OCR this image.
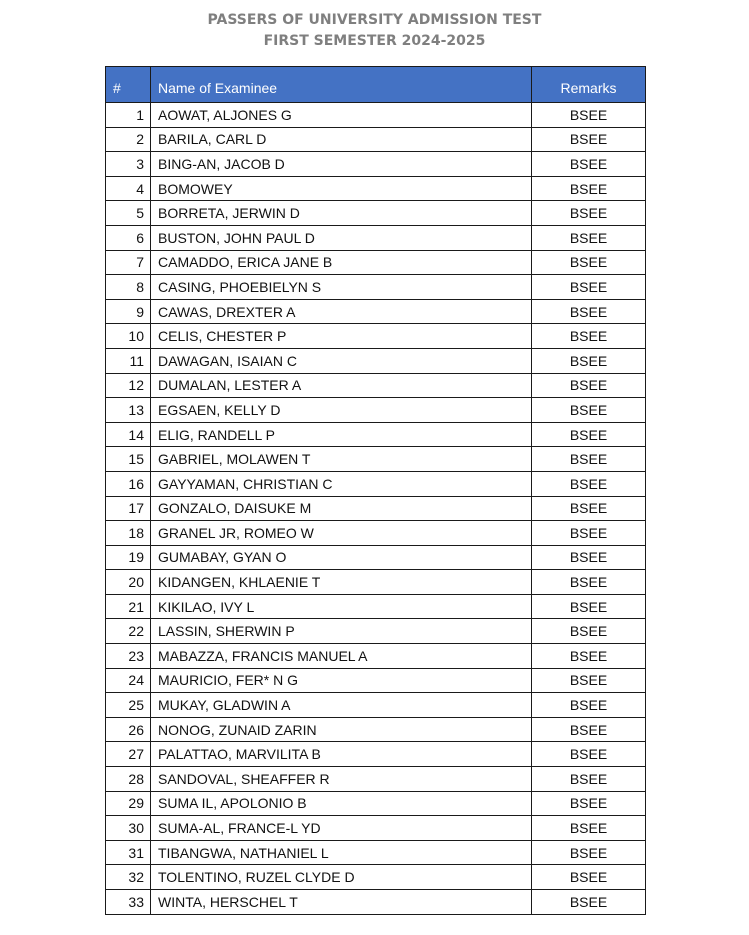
PASSERS OF UNIVERSITY ADMISSION TEST
FIRST SEMESTER 2024-2025
#	Name of Examinee	Remarks
1	AOWAT, ALJONES G	BSEE
2	BARILA, CARL D	BSEE
3	BING-AN, JACOB D	BSEE
4	BOMOWEY	BSEE
5	BORRETA, JERWIN D	BSEE
6	BUSTON, JOHN PAUL D	BSEE
7	CAMADDO, ERICA JANE B	BSEE
8	CASING, PHOEBIELYN S	BSEE
9	CAWAS, DREXTER A	BSEE
10	CELIS, CHESTER P	BSEE
11	DAWAGAN, ISAIAN C	BSEE
12	DUMALAN, LESTER A	BSEE
13	EGSAEN, KELLY D	BSEE
14	ELIG, RANDELL P	BSEE
15	GABRIEL, MOLAWEN T	BSEE
16	GAYYAMAN, CHRISTIAN C	BSEE
17	GONZALO, DAISUKE M	BSEE
18	GRANEL JR, ROMEO W	BSEE
19	GUMABAY, GYAN O	BSEE
20	KIDANGEN, KHLAENIE T	BSEE
21	KIKILAO, IVY L	BSEE
22	LASSIN, SHERWIN P	BSEE
23	MABAZZA, FRANCIS MANUEL A	BSEE
24	MAURICIO, FER* N G	BSEE
25	MUKAY, GLADWIN A	BSEE
26	NONOG, ZUNAID ZARIN	BSEE
27	PALATTAO, MARVILITA B	BSEE
28	SANDOVAL, SHEAFFER R	BSEE
29	SUMA IL, APOLONIO B	BSEE
30	SUMA-AL, FRANCE-L YD	BSEE
31	TIBANGWA, NATHANIEL L	BSEE
32	TOLENTINO, RUZEL CLYDE D	BSEE
33	WINTA, HERSCHEL T	BSEE
